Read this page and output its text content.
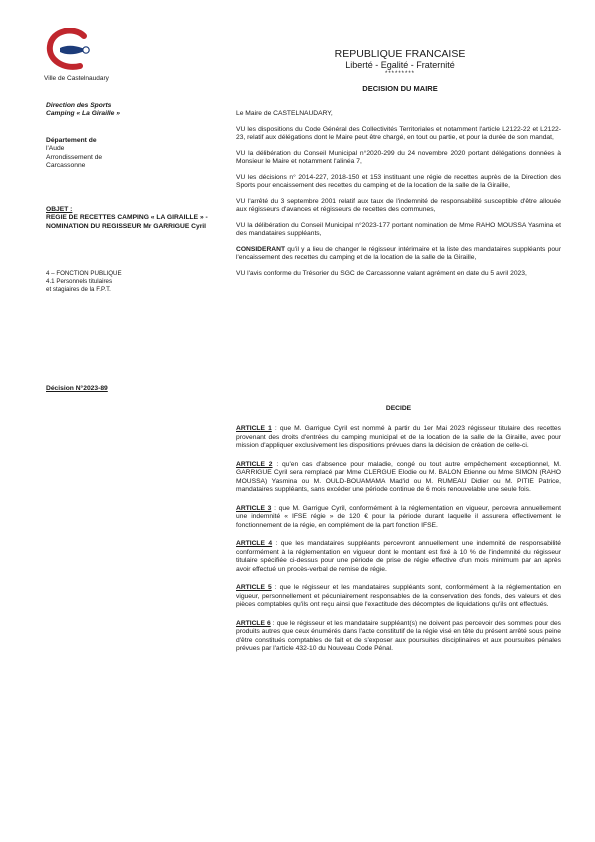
Ville de Castelnaudary
REPUBLIQUE FRANCAISE
Liberté - Egalité - Fraternité
*********
DECISION DU MAIRE
Direction des Sports
Camping « La Giraille »
Département de
l'Aude
Arrondissement de
Carcassonne
OBJET :
REGIE DE RECETTES CAMPING « LA GIRAILLE » - NOMINATION DU REGISSEUR Mr GARRIGUE Cyril
4 – FONCTION PUBLIQUE
4.1 Personnels titulaires
et stagiaires de la F.P.T.
Décision N°2023-89

Le Maire de CASTELNAUDARY,

VU les dispositions du Code Général des Collectivités Territoriales et notamment l'article L2122-22 et L2122-23, relatif aux délégations dont le Maire peut être chargé, en tout ou partie, et pour la durée de son mandat,

VU la délibération du Conseil Municipal n°2020-299 du 24 novembre 2020 portant délégations données à Monsieur le Maire et notamment l'alinéa 7,

VU les décisions n° 2014-227, 2018-150 et 153 instituant une régie de recettes auprès de la Direction des Sports pour encaissement des recettes du camping et de la location de la salle de la Giraille,

VU l'arrêté du 3 septembre 2001 relatif aux taux de l'indemnité de responsabilité susceptible d'être allouée aux régisseurs d'avances et régisseurs de recettes des communes,

VU la délibération du Conseil Municipal n°2023-177 portant nomination de Mme RAHO MOUSSA Yasmina et des mandataires suppléants,

CONSIDERANT qu'il y a lieu de changer le régisseur intérimaire et la liste des mandataires suppléants pour l'encaissement des recettes du camping et de la location de la salle de la Giraille,

VU l'avis conforme du Trésorier du SGC de Carcassonne valant agrément en date du 5 avril 2023,

DECIDE

ARTICLE 1 : que M. Garrigue Cyril est nommé à partir du 1er Mai 2023 régisseur titulaire des recettes provenant des droits d'entrées du camping municipal et de la location de la salle de la Giraille, avec pour mission d'appliquer exclusivement les dispositions prévues dans la décision de création de celle-ci.

ARTICLE 2 : qu'en cas d'absence pour maladie, congé ou tout autre empêchement exceptionnel, M. GARRIGUE Cyril sera remplacé par Mme CLERGUE Elodie ou M. BALON Etienne ou Mme SIMON (RAHO MOUSSA) Yasmina ou M. OULD-BOUAMAMA Mad'id ou M. RUMEAU Didier ou M. PITIE Patrice, mandataires suppléants, sans excéder une période continue de 6 mois renouvelable une seule fois.

ARTICLE 3 : que M. Garrigue Cyril, conformément à la réglementation en vigueur, percevra annuellement une indemnité « IFSE régie » de 120 € pour la période durant laquelle il assurera effectivement le fonctionnement de la régie, en complément de la part fonction IFSE.

ARTICLE 4 : que les mandataires suppléants percevront annuellement une indemnité de responsabilité conformément à la réglementation en vigueur dont le montant est fixé à 10 % de l'indemnité du régisseur titulaire spécifiée ci-dessus pour une période de prise de régie effective d'un mois minimum par an après avoir effectué un procès-verbal de remise de régie.

ARTICLE 5 : que le régisseur et les mandataires suppléants sont, conformément à la réglementation en vigueur, personnellement et pécuniairement responsables de la conservation des fonds, des valeurs et des pièces comptables qu'ils ont reçu ainsi que l'exactitude des décomptes de liquidations qu'ils ont effectués.

ARTICLE 6 : que le régisseur et les mandataire suppléant(s) ne doivent pas percevoir des sommes pour des produits autres que ceux énumérés dans l'acte constitutif de la régie visé en tête du présent arrêté sous peine d'être constitués comptables de fait et de s'exposer aux poursuites disciplinaires et aux poursuites pénales prévues par l'article 432-10 du Nouveau Code Pénal.
